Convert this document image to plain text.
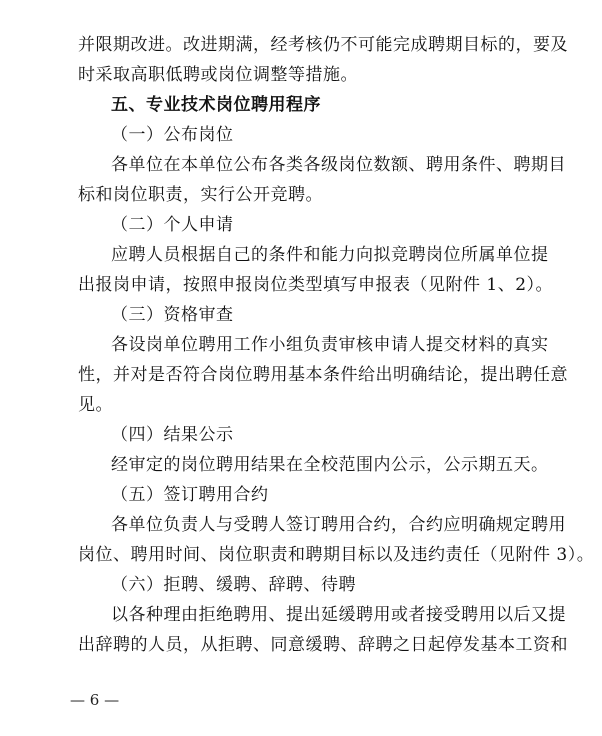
并限期改进。改进期满，经考核仍不可能完成聘期目标的，要及
时采取高职低聘或岗位调整等措施。
五、专业技术岗位聘用程序
（一）公布岗位
各单位在本单位公布各类各级岗位数额、聘用条件、聘期目
标和岗位职责，实行公开竞聘。
（二）个人申请
应聘人员根据自己的条件和能力向拟竞聘岗位所属单位提
出报岗申请，按照申报岗位类型填写申报表（见附件 1、2）。
（三）资格审查
各设岗单位聘用工作小组负责审核申请人提交材料的真实
性，并对是否符合岗位聘用基本条件给出明确结论，提出聘任意
见。
（四）结果公示
经审定的岗位聘用结果在全校范围内公示，公示期五天。
（五）签订聘用合约
各单位负责人与受聘人签订聘用合约，合约应明确规定聘用
岗位、聘用时间、岗位职责和聘期目标以及违约责任（见附件 3）。
（六）拒聘、缓聘、辞聘、待聘
以各种理由拒绝聘用、提出延缓聘用或者接受聘用以后又提
出辞聘的人员，从拒聘、同意缓聘、辞聘之日起停发基本工资和
— 6 —
